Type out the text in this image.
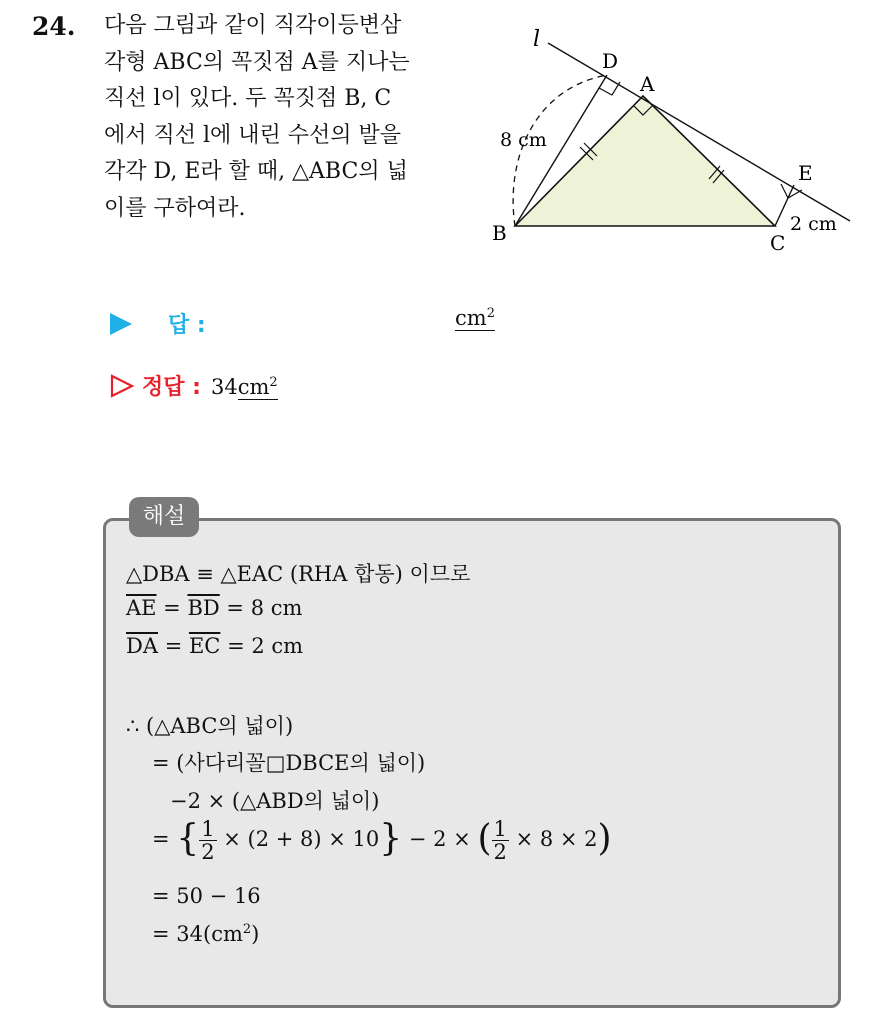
24. 다음 그림과 같이 직각이등변삼
각형 ABC의 꼭짓점 A를 지나는
직선 l이 있다. 두 꼭짓점 B, C
에서 직선 l에 내린 수선의 발을
각각 D, E라 할 때, △ABC의 넓
이를 구하여라.
l
D
A
E
B	C
8 cm
2 cm
답 :	$cm^2$
정답 : $34cm^2$
해설
△DBA ≡ △EAC (RHA 합동) 이므로
$\overline{AE} = \overline{BD} = 8$ cm
$\overline{DA} = \overline{EC} = 2$ cm
∴ (△ABC의 넓이)
= (사다리꼴□DBCE의 넓이)
−2 × (△ABD의 넓이)
= { $\frac{1}{2} \times (2 + 8) \times 10\} - 2$ × ( $\frac{1}{2} \times 8 \times 2$)
= 50 − 16
= $34(cm^2)$
